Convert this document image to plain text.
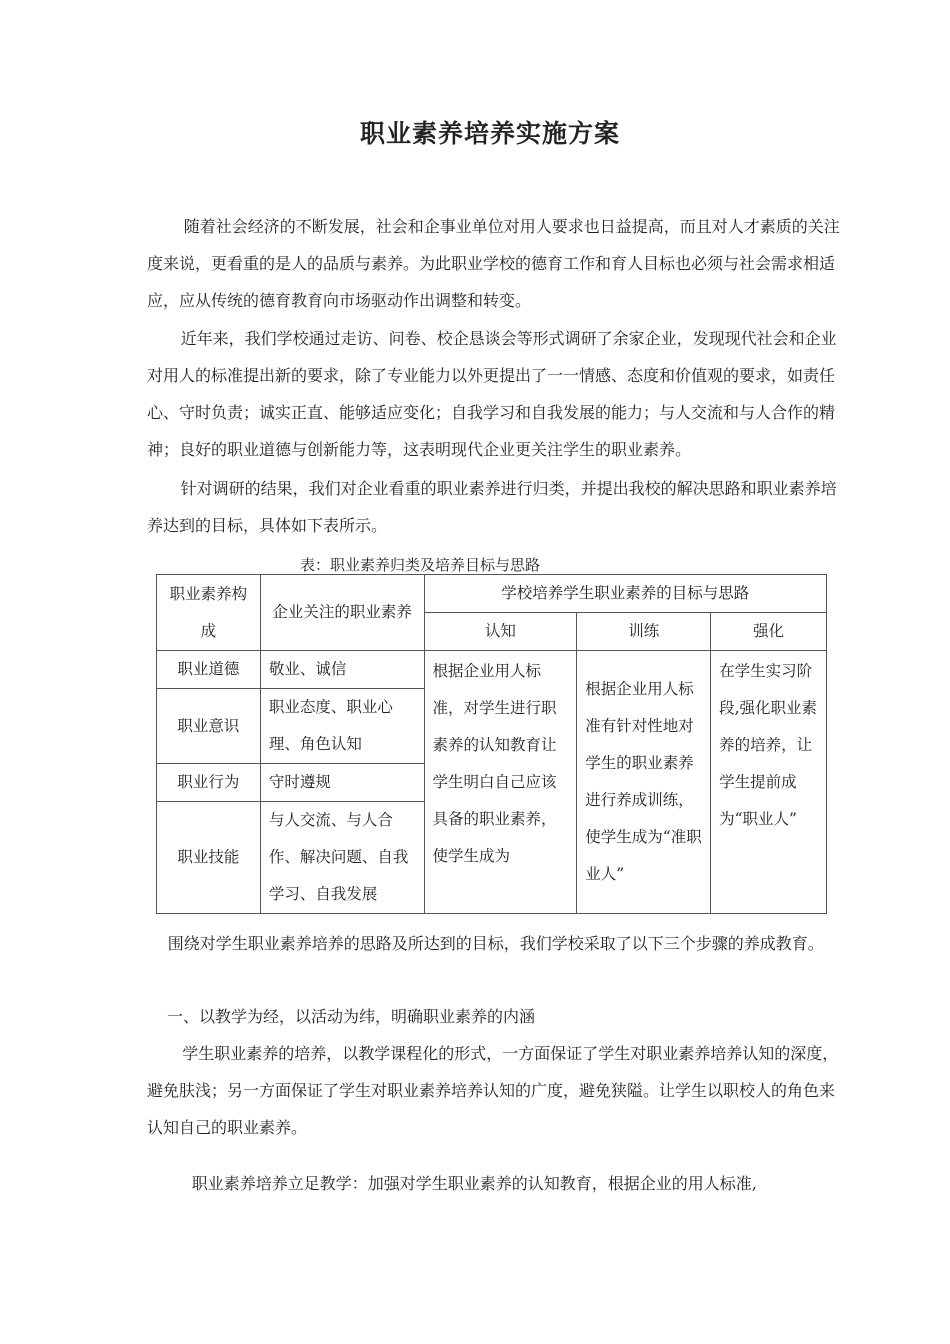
职业素养培养实施方案

随着社会经济的不断发展，社会和企事业单位对用人要求也日益提高，而且对人才素质的关注度来说，更看重的是人的品质与素养。为此职业学校的德育工作和育人目标也必须与社会需求相适应，应从传统的德育教育向市场驱动作出调整和转变。

近年来，我们学校通过走访、问卷、校企恳谈会等形式调研了余家企业，发现现代社会和企业对用人的标准提出新的要求，除了专业能力以外更提出了一一情感、态度和价值观的要求，如责任心、守时负责；诚实正直、能够适应变化；自我学习和自我发展的能力；与人交流和与人合作的精神；良好的职业道德与创新能力等，这表明现代企业更关注学生的职业素养。

针对调研的结果，我们对企业看重的职业素养进行归类，并提出我校的解决思路和职业素养培养达到的目标，具体如下表所示。

表：职业素养归类及培养目标与思路
职业素养构成	企业关注的职业素养	学校培养学生职业素养的目标与思路		
		认知	训练	强化
职业道德	敬业、诚信	根据企业用人标准，对学生进行职素养的认知教育让学生明白自己应该具备的职业素养，使学生成为	根据企业用人标准有针对性地对学生的职业素养进行养成训练，使学生成为“准职业人”	在学生实习阶段,强化职业素养的培养，让学生提前成为“职业人”
职业意识	职业态度、职业心理、角色认知			
职业行为	守时遵规			
职业技能	与人交流、与人合作、解决问题、自我学习、自我发展			

围绕对学生职业素养培养的思路及所达到的目标，我们学校采取了以下三个步骤的养成教育。

一、以教学为经，以活动为纬，明确职业素养的内涵

学生职业素养的培养，以教学课程化的形式，一方面保证了学生对职业素养培养认知的深度，避免肤浅；另一方面保证了学生对职业素养培养认知的广度，避免狭隘。让学生以职校人的角色来认知自己的职业素养。

职业素养培养立足教学：加强对学生职业素养的认知教育，根据企业的用人标准,
